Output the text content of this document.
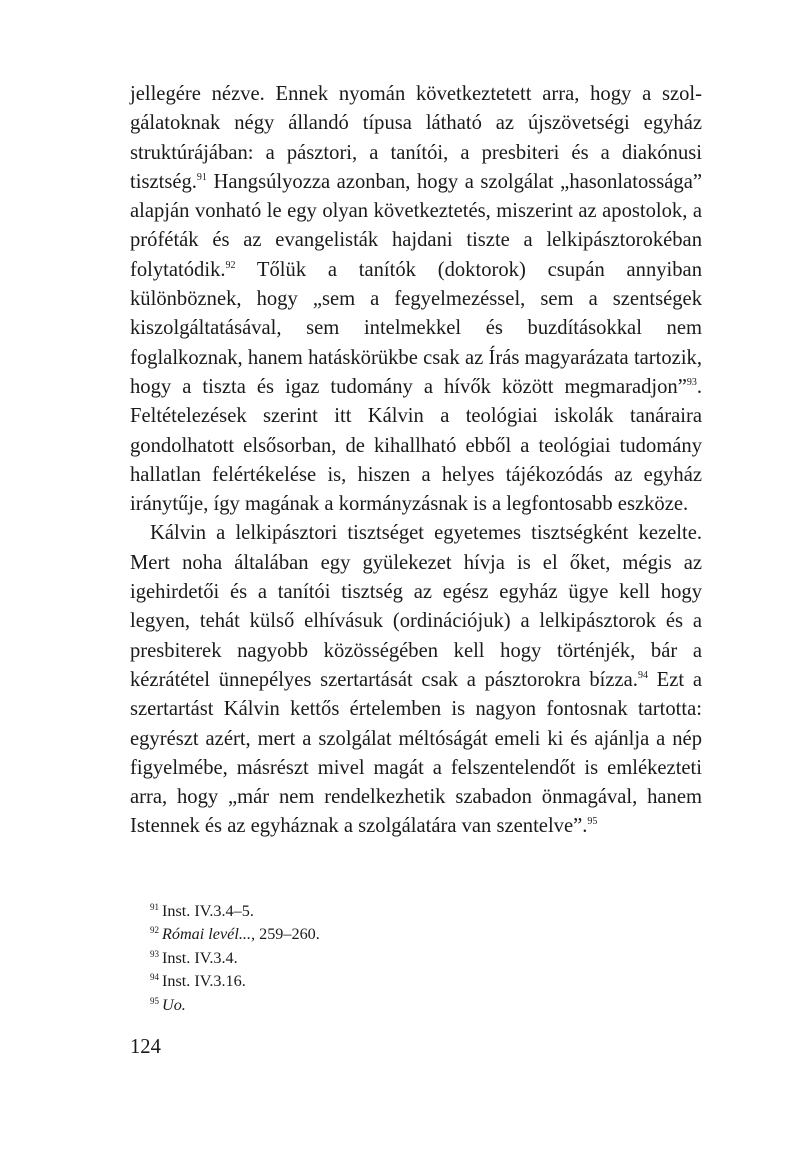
jellegére nézve. Ennek nyomán következtetett arra, hogy a szolgálatoknak négy állandó típusa látható az újszövetségi egyház struktúrájában: a pásztori, a tanítói, a presbiteri és a diakónusi tisztség.$^{91}$ Hangsúlyozza azonban, hogy a szolgálat „hasonlatossága” alapján vonható le egy olyan következtetés, miszerint az apostolok, a próféták és az evangelisták hajdani tiszte a lelkipásztorokéban folytatódik.$^{92}$ Tőlük a tanítók (doktorok) csupán annyiban különböznek, hogy „sem a fegyelmezéssel, sem a szentségek kiszolgáltatásával, sem intelmekkel és buzdításokkal nem foglalkoznak, hanem hatáskörükbe csak az Írás magyarázata tartozik, hogy a tiszta és igaz tudomány a hívők között megmaradjon”$^{93}$. Feltételezések szerint itt Kálvin a teológiai iskolák tanáraira gondolhatott elsősorban, de kihallható ebből a teológiai tudomány hallatlan felértékelése is, hiszen a helyes tájékozódás az egyház iránytűje, így magának a kormányzásnak is a legfontosabb eszköze.

Kálvin a lelkipásztori tisztséget egyetemes tisztségként kezelte. Mert noha általában egy gyülekezet hívja is el őket, mégis az igehirdetői és a tanítói tisztség az egész egyház ügye kell hogy legyen, tehát külső elhívásuk (ordinációjuk) a lelkipásztorok és a presbiterek nagyobb közösségében kell hogy történjék, bár a kézrátétel ünnepélyes szertartását csak a pásztorokra bízza.$^{94}$ Ezt a szertartást Kálvin kettős értelemben is nagyon fontosnak tartotta: egyrészt azért, mert a szolgálat méltóságát emeli ki és ajánlja a nép figyelmébe, másrészt mivel magát a felszentelendőt is emlékezteti arra, hogy „már nem rendelkezhetik szabadon önmagával, hanem Istennek és az egyháznak a szolgálatára van szentelve”.$^{95}$

$^{91}$ Inst. IV.3.4–5.
$^{92}$ Római levél..., 259–260.
$^{93}$ Inst. IV.3.4.
$^{94}$ Inst. IV.3.16.
$^{95}$ Uo.
124
